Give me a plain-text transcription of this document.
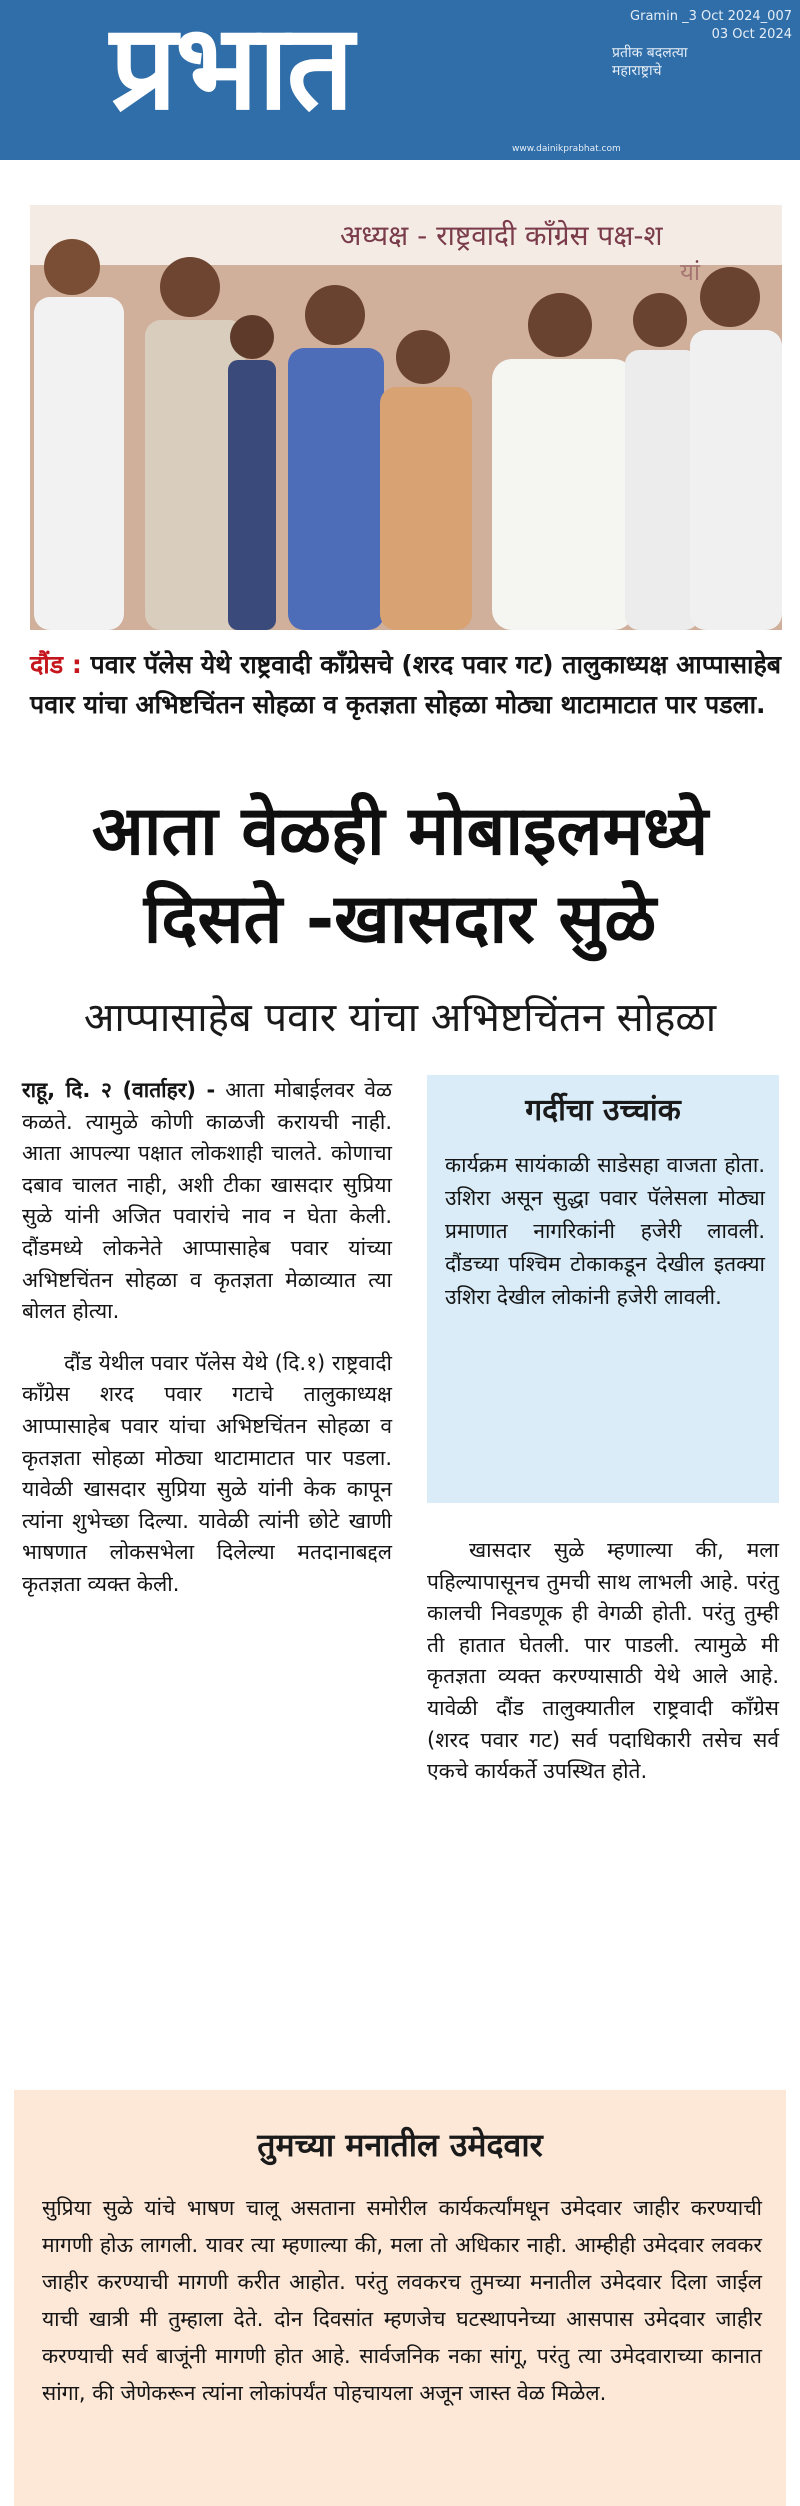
प्रभात	प्रतीक बदलत्या महाराष्ट्राचे
Gramin _3 Oct 2024_007
03 Oct 2024
www.dainikprabhat.com
अध्यक्ष - राष्ट्रवादी काँग्रेस पक्ष-श
दौंड : पवार पॅलेस येथे राष्ट्रवादी काँग्रेसचे (शरद पवार गट) तालुकाध्यक्ष आप्पासाहेब पवार यांचा अभिष्टचिंतन सोहळा व कृतज्ञता सोहळा मोठ्या थाटामाटात पार पडला.
आता वेळही मोबाइलमध्ये
दिसते -खासदार सुळे
आप्पासाहेब पवार यांचा अभिष्टचिंतन सोहळा

राहू, दि. २ (वार्ताहर) - आता मोबाईलवर वेळ कळते. त्यामुळे कोणी काळजी करायची नाही. आता आपल्या पक्षात लोकशाही चालते. कोणाचा दबाव चालत नाही, अशी टीका खासदार सुप्रिया सुळे यांनी अजित पवारांचे नाव न घेता केली. दौंडमध्ये लोकनेते आप्पासाहेब पवार यांच्या अभिष्टचिंतन सोहळा व कृतज्ञता मेळाव्यात त्या बोलत होत्या.

दौंड येथील पवार पॅलेस येथे (दि.१) राष्ट्रवादी कॉंग्रेस शरद पवार गटाचे तालुकाध्यक्ष आप्पासाहेब पवार यांचा अभिष्टचिंतन सोहळा व कृतज्ञता सोहळा मोठ्या थाटामाटात पार पडला. यावेळी खासदार सुप्रिया सुळे यांनी केक कापून त्यांना शुभेच्छा दिल्या. यावेळी त्यांनी छोटे खाणी भाषणात लोकसभेला दिलेल्या मतदानाबद्दल कृतज्ञता व्यक्त केली.

गर्दीचा उच्चांक
कार्यक्रम सायंकाळी साडेसहा वाजता होता. उशिरा असून सुद्धा पवार पॅलेसला मोठ्या प्रमाणात नागरिकांनी हजेरी लावली. दौंडच्या पश्चिम टोकाकडून देखील इतक्या उशिरा देखील लोकांनी हजेरी लावली.

खासदार सुळे म्हणाल्या की, मला पहिल्यापासूनच तुमची साथ लाभली आहे. परंतु कालची निवडणूक ही वेगळी होती. परंतु तुम्ही ती हातात घेतली. पार पाडली. त्यामुळे मी कृतज्ञता व्यक्त करण्यासाठी येथे आले आहे. यावेळी दौंड तालुक्यातील राष्ट्रवादी कॉंग्रेस (शरद पवार गट) सर्व पदाधिकारी तसेच सर्व एकचे कार्यकर्ते उपस्थित होते.

तुमच्या मनातील उमेदवार
सुप्रिया सुळे यांचे भाषण चालू असताना समोरील कार्यकर्त्यांमधून उमेदवार जाहीर करण्याची मागणी होऊ लागली. यावर त्या म्हणाल्या की, मला तो अधिकार नाही. आम्हीही उमेदवार लवकर जाहीर करण्याची मागणी करीत आहोत. परंतु लवकरच तुमच्या मनातील उमेदवार दिला जाईल याची खात्री मी तुम्हाला देते. दोन दिवसांत म्हणजेच घटस्थापनेच्या आसपास उमेदवार जाहीर करण्याची सर्व बाजूंनी मागणी होत आहे. सार्वजनिक नका सांगू, परंतु त्या उमेदवाराच्या कानात सांगा, की जेणेकरून त्यांना लोकांपर्यंत पोहचायला अजून जास्त वेळ मिळेल.
